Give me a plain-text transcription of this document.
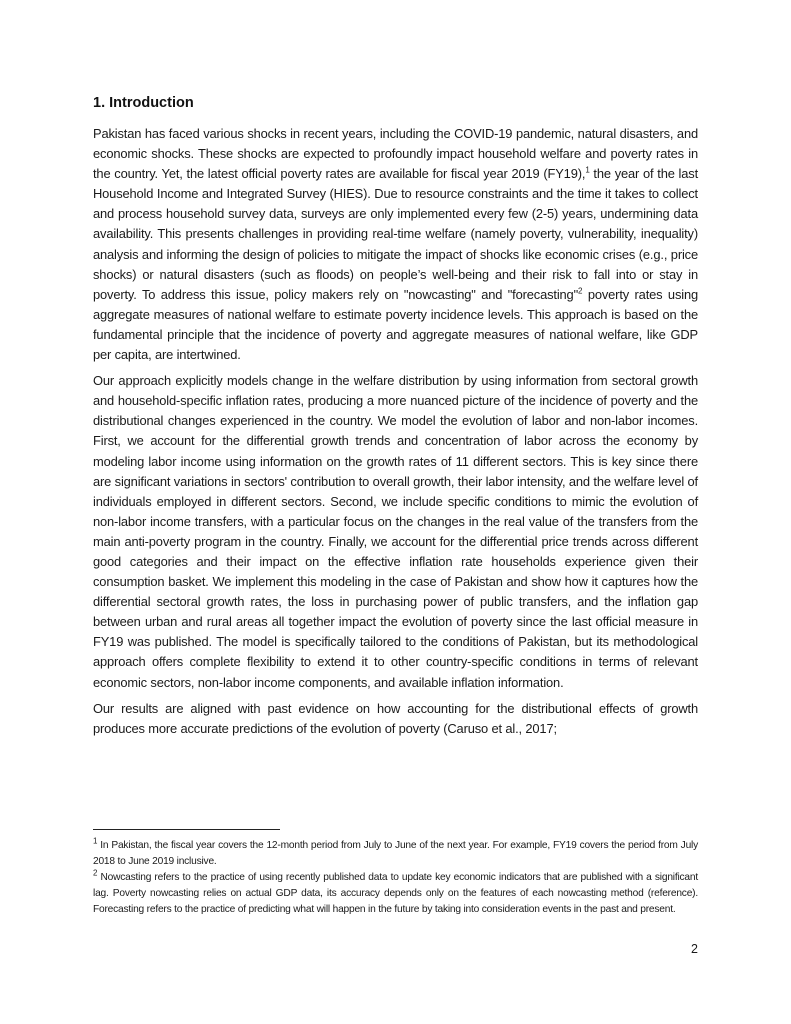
1. Introduction

Pakistan has faced various shocks in recent years, including the COVID-19 pandemic, natural disasters, and economic shocks. These shocks are expected to profoundly impact household welfare and poverty rates in the country. Yet, the latest official poverty rates are available for fiscal year 2019 (FY19),$^1$ the year of the last Household Income and Integrated Survey (HIES). Due to resource constraints and the time it takes to collect and process household survey data, surveys are only implemented every few (2-5) years, undermining data availability. This presents challenges in providing real-time welfare (namely poverty, vulnerability, inequality) analysis and informing the design of policies to mitigate the impact of shocks like economic crises (e.g., price shocks) or natural disasters (such as floods) on people’s well-being and their risk to fall into or stay in poverty. To address this issue, policy makers rely on "nowcasting" and "forecasting"$^2$ poverty rates using aggregate measures of national welfare to estimate poverty incidence levels. This approach is based on the fundamental principle that the incidence of poverty and aggregate measures of national welfare, like GDP per capita, are intertwined.

Our approach explicitly models change in the welfare distribution by using information from sectoral growth and household-specific inflation rates, producing a more nuanced picture of the incidence of poverty and the distributional changes experienced in the country. We model the evolution of labor and non-labor incomes. First, we account for the differential growth trends and concentration of labor across the economy by modeling labor income using information on the growth rates of 11 different sectors. This is key since there are significant variations in sectors' contribution to overall growth, their labor intensity, and the welfare level of individuals employed in different sectors. Second, we include specific conditions to mimic the evolution of non-labor income transfers, with a particular focus on the changes in the real value of the transfers from the main anti-poverty program in the country. Finally, we account for the differential price trends across different good categories and their impact on the effective inflation rate households experience given their consumption basket. We implement this modeling in the case of Pakistan and show how it captures how the differential sectoral growth rates, the loss in purchasing power of public transfers, and the inflation gap between urban and rural areas all together impact the evolution of poverty since the last official measure in FY19 was published. The model is specifically tailored to the conditions of Pakistan, but its methodological approach offers complete flexibility to extend it to other country-specific conditions in terms of relevant economic sectors, non-labor income components, and available inflation information.

Our results are aligned with past evidence on how accounting for the distributional effects of growth produces more accurate predictions of the evolution of poverty (Caruso et al., 2017;

$^1$ In Pakistan, the fiscal year covers the 12-month period from July to June of the next year. For example, FY19 covers the period from July 2018 to June 2019 inclusive.

$^2$ Nowcasting refers to the practice of using recently published data to update key economic indicators that are published with a significant lag. Poverty nowcasting relies on actual GDP data, its accuracy depends only on the features of each nowcasting method (reference). Forecasting refers to the practice of predicting what will happen in the future by taking into consideration events in the past and present.

2
